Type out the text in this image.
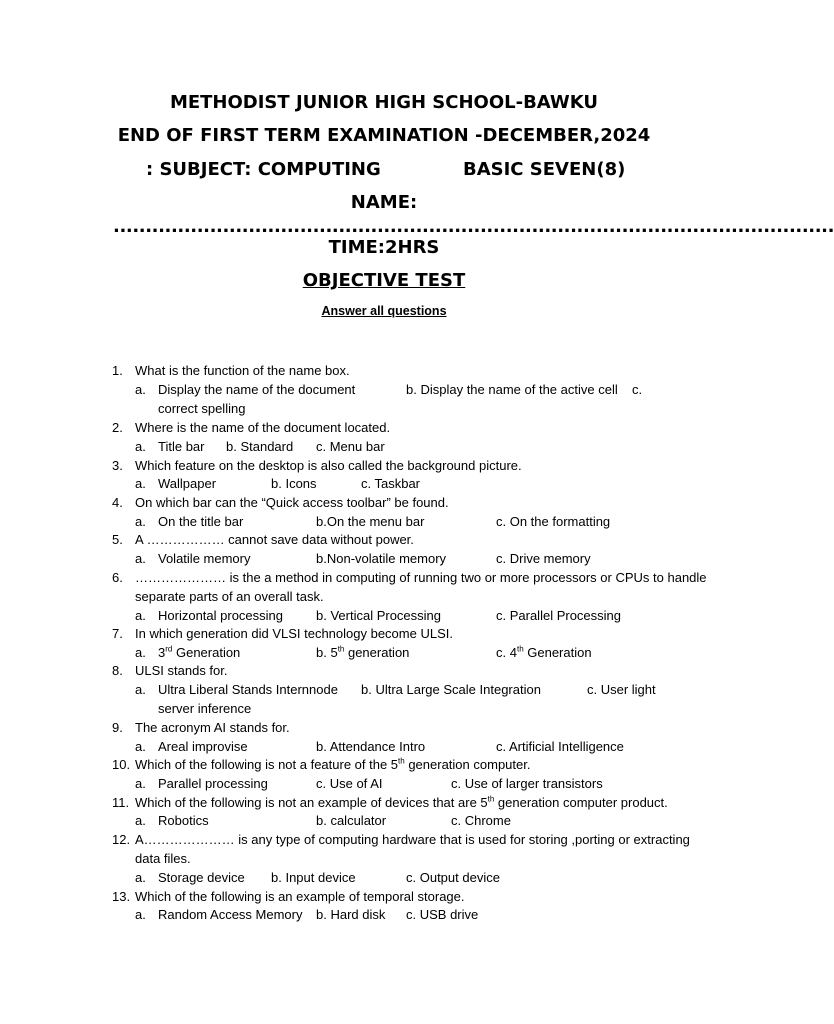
METHODIST JUNIOR HIGH SCHOOL-BAWKU
END OF FIRST TERM EXAMINATION -DECEMBER,2024
: SUBJECT: COMPUTING	BASIC SEVEN(8)
NAME:
................................................................................................................
TIME:2HRS
OBJECTIVE TEST
Answer all questions
1. What is the function of the name box.
a. Display the name of the document	b. Display the name of the active cell c.
correct spelling
2. Where is the name of the document located.
a. Title bar b. Standard c. Menu bar
3. Which feature on the desktop is also called the background picture.
a. Wallpaper	b. Icons	c. Taskbar
4. On which bar can the “Quick access toolbar” be found.
a. On the title bar	b.On the menu bar	c. On the formatting
5. A ……………… cannot save data without power.
a. Volatile memory	b.Non-volatile memory	c. Drive memory
6. ………………… is the a method in computing of running two or more processors or CPUs to handle
separate parts of an overall task.
a. Horizontal processing	b. Vertical Processing	c. Parallel Processing
7. In which generation did VLSI technology become ULSI.
a. 3rd Generation	b. 5th generation	c. 4th Generation
8. ULSI stands for.
a. Ultra Liberal Stands Internnode b. Ultra Large Scale Integration	c. User light
server inference
9. The acronym AI stands for.
a. Areal improvise	b. Attendance Intro	c. Artificial Intelligence
10. Which of the following is not a feature of the 5th generation computer.
a. Parallel processing	c. Use of AI	c. Use of larger transistors
11. Which of the following is not an example of devices that are 5th generation computer product.
a. Robotics	b. calculator	c. Chrome
12. A………………… is any type of computing hardware that is used for storing ,porting or extracting
data files.
a. Storage device b. Input device	c. Output device
13. Which of the following is an example of temporal storage.
a. Random Access Memory b. Hard disk c. USB drive
